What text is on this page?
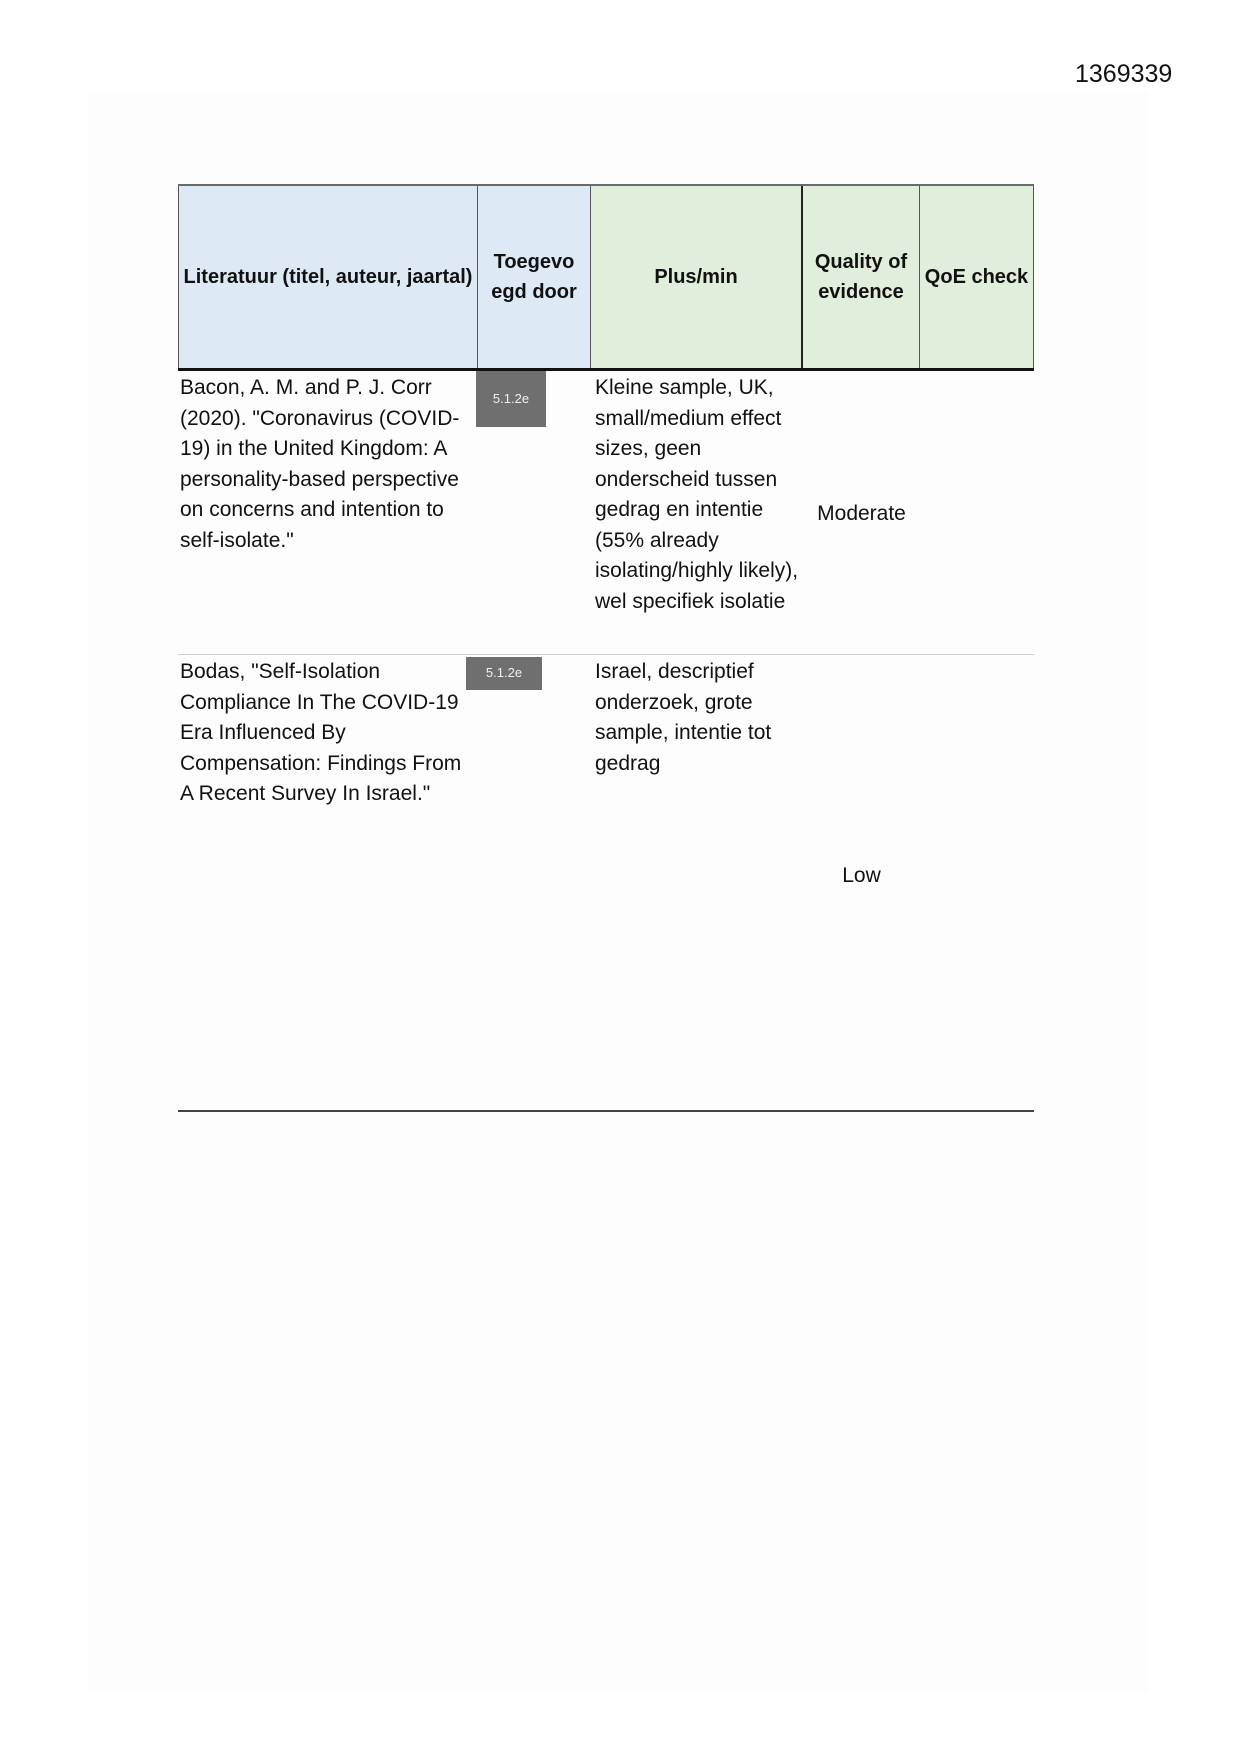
1369339
Literatuur (titel, auteur, jaartal)
Toegevoegd door
Plus/min
Quality of evidence
QoE check
Bacon, A. M. and P. J. Corr (2020). "Coronavirus (COVID-19) in the United Kingdom: A personality-based perspective on concerns and intention to self-isolate."
5.1.2e	Kleine sample, UK, small/medium effect sizes, geen onderscheid tussen gedrag en intentie (55% already isolating/highly likely), wel specifiek isolatie
Moderate
Bodas, "Self-Isolation Compliance In The COVID-19 Era Influenced By Compensation: Findings From A Recent Survey In Israel."
5.1.2e	Israel, descriptief onderzoek, grote sample, intentie tot gedrag
Low
